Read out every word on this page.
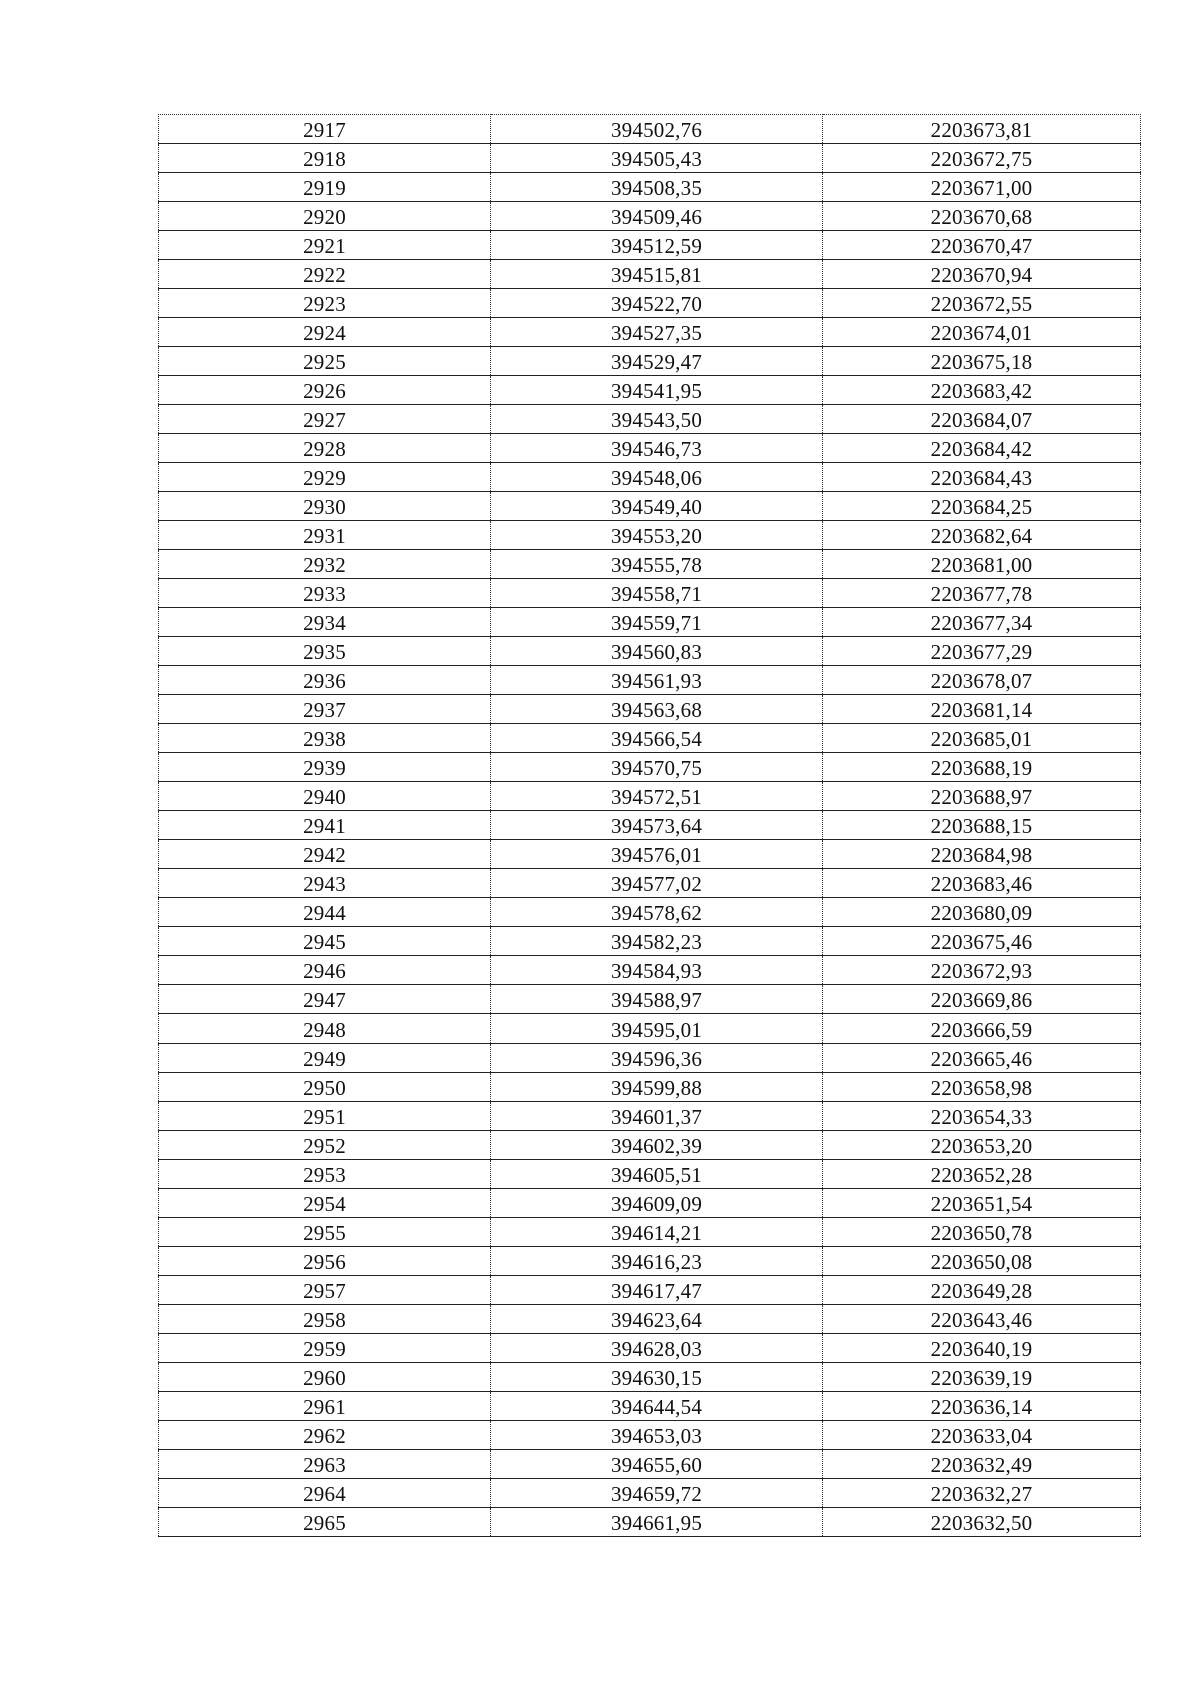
2917	394502,76	2203673,81
2918	394505,43	2203672,75
2919	394508,35	2203671,00
2920	394509,46	2203670,68
2921	394512,59	2203670,47
2922	394515,81	2203670,94
2923	394522,70	2203672,55
2924	394527,35	2203674,01
2925	394529,47	2203675,18
2926	394541,95	2203683,42
2927	394543,50	2203684,07
2928	394546,73	2203684,42
2929	394548,06	2203684,43
2930	394549,40	2203684,25
2931	394553,20	2203682,64
2932	394555,78	2203681,00
2933	394558,71	2203677,78
2934	394559,71	2203677,34
2935	394560,83	2203677,29
2936	394561,93	2203678,07
2937	394563,68	2203681,14
2938	394566,54	2203685,01
2939	394570,75	2203688,19
2940	394572,51	2203688,97
2941	394573,64	2203688,15
2942	394576,01	2203684,98
2943	394577,02	2203683,46
2944	394578,62	2203680,09
2945	394582,23	2203675,46
2946	394584,93	2203672,93
2947	394588,97	2203669,86
2948	394595,01	2203666,59
2949	394596,36	2203665,46
2950	394599,88	2203658,98
2951	394601,37	2203654,33
2952	394602,39	2203653,20
2953	394605,51	2203652,28
2954	394609,09	2203651,54
2955	394614,21	2203650,78
2956	394616,23	2203650,08
2957	394617,47	2203649,28
2958	394623,64	2203643,46
2959	394628,03	2203640,19
2960	394630,15	2203639,19
2961	394644,54	2203636,14
2962	394653,03	2203633,04
2963	394655,60	2203632,49
2964	394659,72	2203632,27
2965	394661,95	2203632,50
